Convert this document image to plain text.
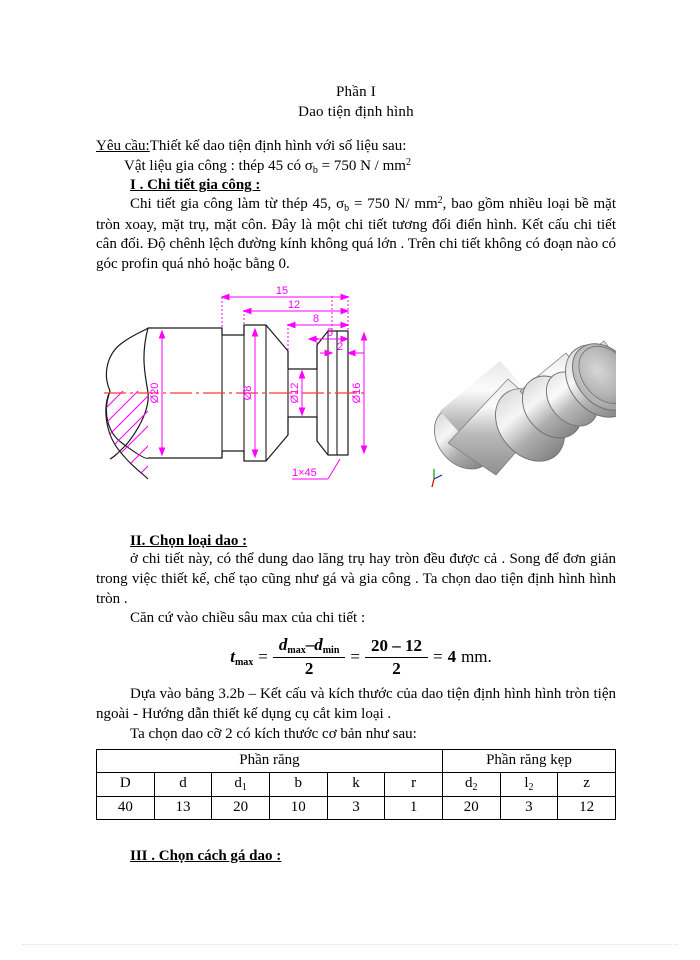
Phần I
Dao tiện định hình

Yêu cầu:Thiết kế dao tiện định hình với số liệu sau:

Vật liệu gia công : thép 45 có $\sigma_b = 750$ N / $mm^2$

I . Chi tiết gia công :

Chi tiết gia công làm từ thép 45, $\sigma_b = 750$ N/ $mm^2$, bao gồm nhiều loại bề mặt tròn xoay, mặt trụ, mặt côn. Đây là một chi tiết tương đối điển hình. Kết cấu chi tiết cân đối. Độ chênh lệch đường kính không quá lớn . Trên chi tiết không có đoạn nào có góc profin quá nhỏ hoặc bằng 0.

15
12
8
5
2
Ø20	Ø8	Ø12	Ø16
1×45

II. Chọn loại dao :

ở chi tiết này, có thể dung dao lăng trụ hay tròn đều được cả . Song để đơn giản trong việc thiết kế, chế tạo cũng như gá và gia công . Ta chọn dao tiện định hình hình tròn .

Căn cứ vào chiều sâu max của chi tiết :

$tmax = \frac{dmax-dmin}{2} = \frac{20 - 12}{2} = 4$ mm.

Dựa vào bảng 3.2b – Kết cấu và kích thước của dao tiện định hình hình tròn tiện ngoài - Hướng dẫn thiết kế dụng cụ cắt kim loại .

Ta chọn dao cỡ 2 có kích thước cơ bản như sau:

Phần răng						Phần răng kẹp		
D	d	$d_1$	b	k	r	$d_2$	$l_2$	z
40	13	20	10	3	1	20	3	12

III . Chọn cách gá dao :
